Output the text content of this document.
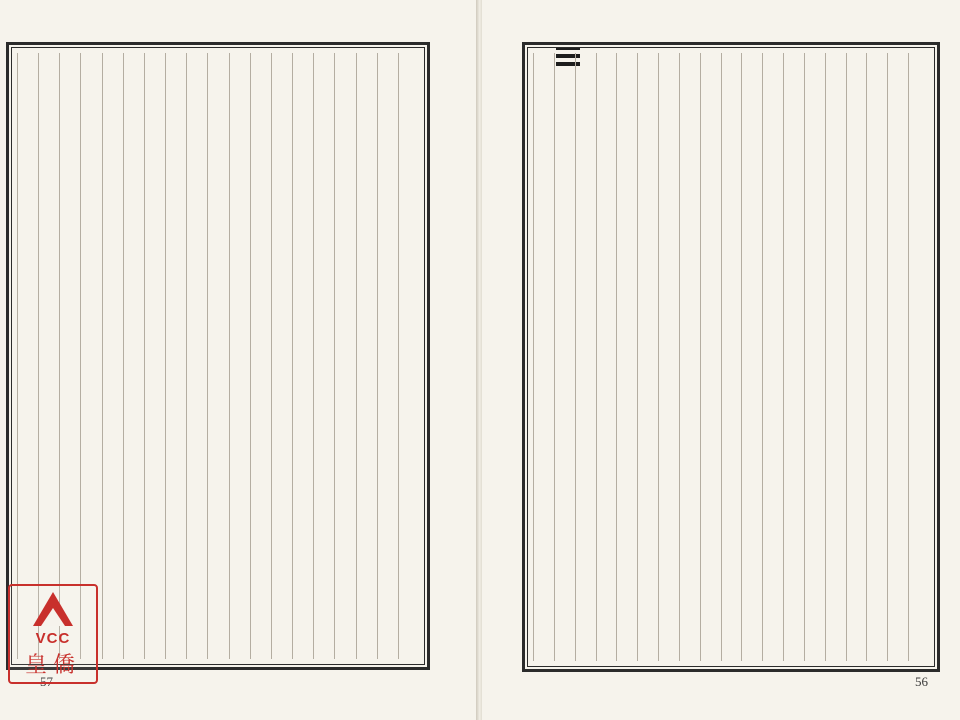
57
VCC
皇僑
56
